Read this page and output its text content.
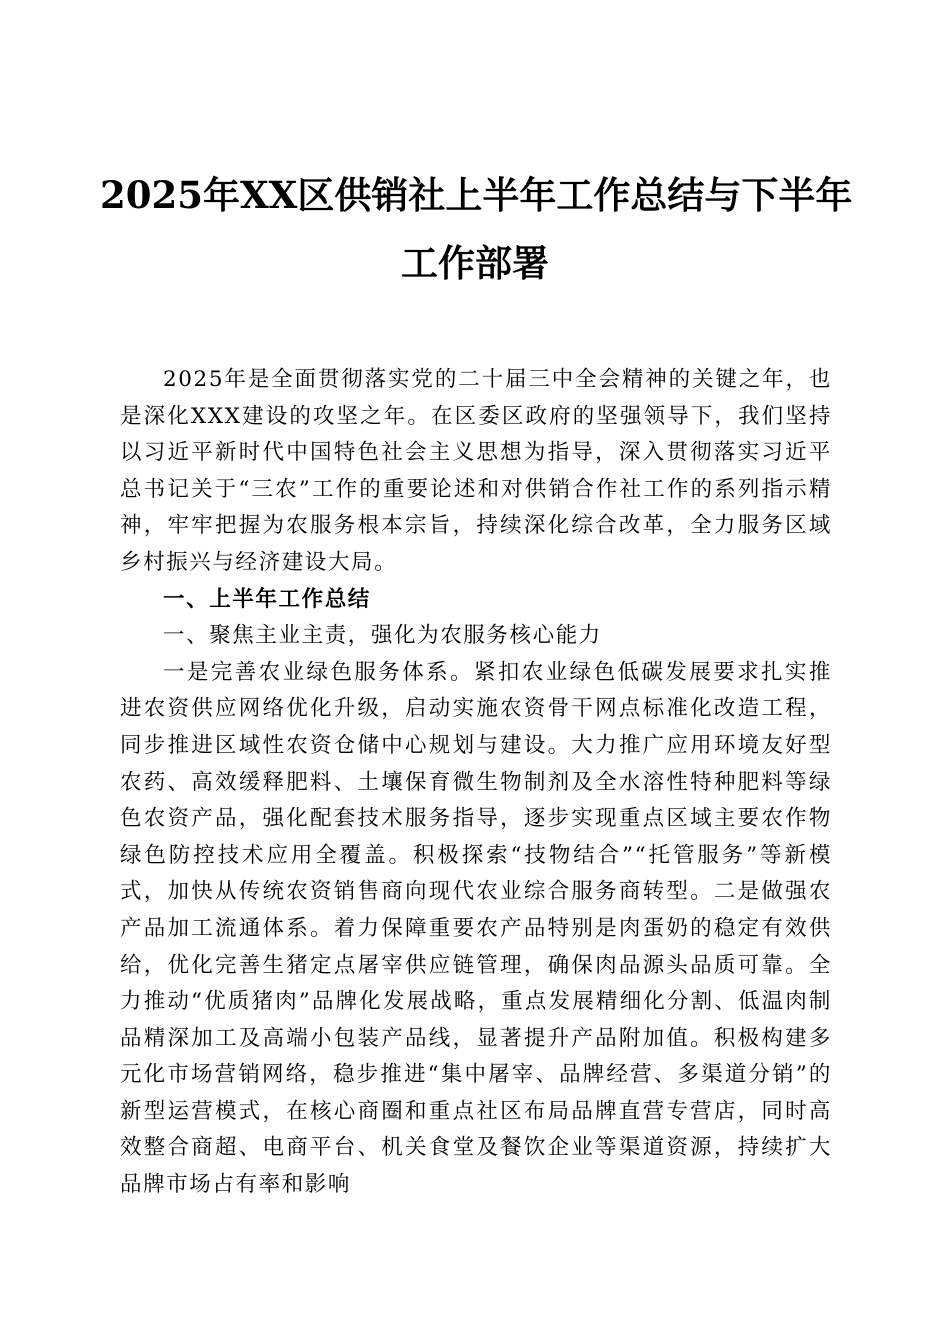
2025年XX区供销社上半年工作总结与下半年
工作部署

2025年是全面贯彻落实党的二十届三中全会精神的关键之年，也是深化XXX建设的攻坚之年。在区委区政府的坚强领导下，我们坚持以习近平新时代中国特色社会主义思想为指导，深入贯彻落实习近平总书记关于“三农”工作的重要论述和对供销合作社工作的系列指示精神，牢牢把握为农服务根本宗旨，持续深化综合改革，全力服务区域乡村振兴与经济建设大局。

一、上半年工作总结

一、聚焦主业主责，强化为农服务核心能力

一是完善农业绿色服务体系。紧扣农业绿色低碳发展要求扎实推进农资供应网络优化升级，启动实施农资骨干网点标准化改造工程，同步推进区域性农资仓储中心规划与建设。大力推广应用环境友好型农药、高效缓释肥料、土壤保育微生物制剂及全水溶性特种肥料等绿色农资产品，强化配套技术服务指导，逐步实现重点区域主要农作物绿色防控技术应用全覆盖。积极探索“技物结合”“托管服务”等新模式，加快从传统农资销售商向现代农业综合服务商转型。二是做强农产品加工流通体系。着力保障重要农产品特别是肉蛋奶的稳定有效供给，优化完善生猪定点屠宰供应链管理，确保肉品源头品质可靠。全力推动“优质猪肉”品牌化发展战略，重点发展精细化分割、低温肉制品精深加工及高端小包装产品线，显著提升产品附加值。积极构建多元化市场营销网络，稳步推进“集中屠宰、品牌经营、多渠道分销”的新型运营模式，在核心商圈和重点社区布局品牌直营专营店，同时高效整合商超、电商平台、机关食堂及餐饮企业等渠道资源，持续扩大品牌市场占有率和影响
